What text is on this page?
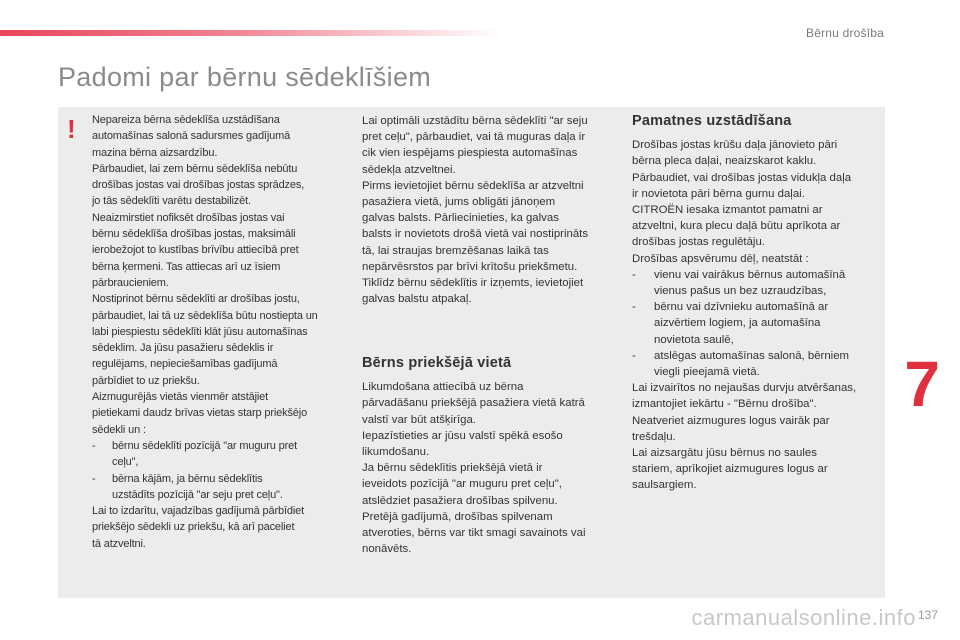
Bērnu drošība
Padomi par bērnu sēdeklīšiem
! Nepareiza bērna sēdeklīša uzstādīšana

automašīnas salonā sadursmes gadījumā

mazina bērna aizsardzību.

Pārbaudiet, lai zem bērnu sēdeklīša nebūtu

drošības jostas vai drošības jostas sprādzes,

jo tās sēdeklīti varētu destabilizēt.

Neaizmirstiet nofiksēt drošības jostas vai

bērnu sēdeklīša drošības jostas, maksimāli

ierobežojot to kustības brīvību attiecībā pret

bērna ķermeni. Tas attiecas arī uz īsiem

pārbraucieniem.

Nostiprinot bērnu sēdeklīti ar drošības jostu,

pārbaudiet, lai tā uz sēdeklīša būtu nostiepta un

labi piespiestu sēdeklīti klāt jūsu automašīnas

sēdeklim. Ja jūsu pasažieru sēdeklis ir

regulējams, nepieciešamības gadījumā

pārbīdiet to uz priekšu.

Aizmugurējās vietās vienmēr atstājiet

pietiekami daudz brīvas vietas starp priekšējo

sēdekli un :

-	bērnu sēdeklīti pozīcijā "ar muguru pret

ceļu",

-	bērna kājām, ja bērnu sēdeklītis

uzstādīts pozīcijā "ar seju pret ceļu".

Lai to izdarītu, vajadzības gadījumā pārbīdiet

priekšējo sēdekli uz priekšu, kā arī paceliet

tā atzveltni.

Lai optimāli uzstādītu bērna sēdeklīti "ar seju

pret ceļu", pārbaudiet, vai tā muguras daļa ir

cik vien iespējams piespiesta automašīnas

sēdekļa atzveltnei.

Pirms ievietojiet bērnu sēdeklīša ar atzveltni

pasažiera vietā, jums obligāti jānoņem

galvas balsts. Pārliecinieties, ka galvas

balsts ir novietots drošā vietā vai nostiprināts

tā, lai straujas bremzēšanas laikā tas

nepārvēsrstos par brīvi krītošu priekšmetu.

Tiklīdz bērnu sēdeklītis ir izņemts, ievietojiet

galvas balstu atpakaļ.

Bērns priekšējā vietā

Likumdošana attiecībā uz bērna

pārvadāšanu priekšējā pasažiera vietā katrā

valstī var būt atšķirīga.

Iepazīstieties ar jūsu valstī spēkā esošo

likumdošanu.

Ja bērnu sēdeklītis priekšējā vietā ir

ieveidots pozīcijā "ar muguru pret ceļu",

atslēdziet pasažiera drošības spilvenu.

Pretējā gadījumā, drošības spilvenam

atveroties, bērns var tikt smagi savainots vai

nonāvēts.

Pamatnes uzstādīšana

Drošības jostas krūšu daļa jānovieto pāri

bērna pleca daļai, neaizskarot kaklu.

Pārbaudiet, vai drošības jostas vidukļa daļa

ir novietota pāri bērna gurnu daļai.

CITROËN iesaka izmantot pamatni ar

atzveltni, kura plecu daļā būtu aprīkota ar

drošības jostas regulētāju.

Drošības apsvērumu dēļ, neatstāt :

-	vienu vai vairākus bērnus automašīnā

vienus pašus un bez uzraudzības,

-	bērnu vai dzīvnieku automašīnā ar

aizvērtiem logiem, ja automašīna

novietota saulē,

-	atslēgas automašīnas salonā, bērniem

viegli pieejamā vietā.

Lai izvairītos no nejaušas durvju atvēršanas,

izmantojiet iekārtu - "Bērnu drošība".

Neatveriet aizmugures logus vairāk par

trešdaļu.

Lai aizsargātu jūsu bērnus no saules

stariem, aprīkojiet aizmugures logus ar

saulsargiem.

7
carmanualsonline.info 137
